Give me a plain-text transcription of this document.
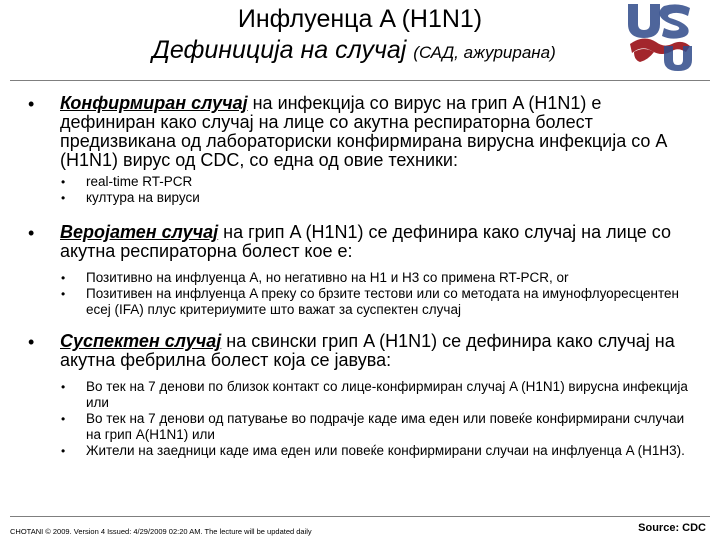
Инфлуенца A (H1N1)
Дефиниција на случај (САД, ажурирана)
• Конфирмиран случај на инфекција со вирус на грип A (H1N1) е дефиниран како случај на лице со акутна респираторна болест предизвикана од лабораториски конфирмирана вирусна инфекција со A (H1N1) вирус од CDC, со една од овие техники:
• real-time RT-PCR
• култура на вируси
• Веројатен случај на грип A (H1N1) се дефинира како случај на лице со акутна респираторна болест кое е:
• Позитивно на инфлуенца A, но негативно на H1 и H3 со примена RT-PCR, or
• Позитивен на инфлуенца A преку со брзите тестови или со методата на имунофлуоресцентен есеј (IFA) плус критериумите што важат за суспектен случај
• Суспектен случај на свински грип A (H1N1) се дефинира како случај на акутна фебрилна болест која се јавува:
• Во тек на 7 денови по близок контакт со лице-конфирмиран случај A (H1N1) вирусна инфекција или
• Во тек на 7 денови од патување во подрачје каде има еден или повеќе конфирмирани счлучаи на грип A(H1N1) или
• Жители на заедници каде има еден или повеќе конфирмирани случаи на инфлуенца A (H1H3).
CHOTANI © 2009. Version 4 Issued: 4/29/2009 02:20 AM. The lecture will be updated daily	Source: CDC
